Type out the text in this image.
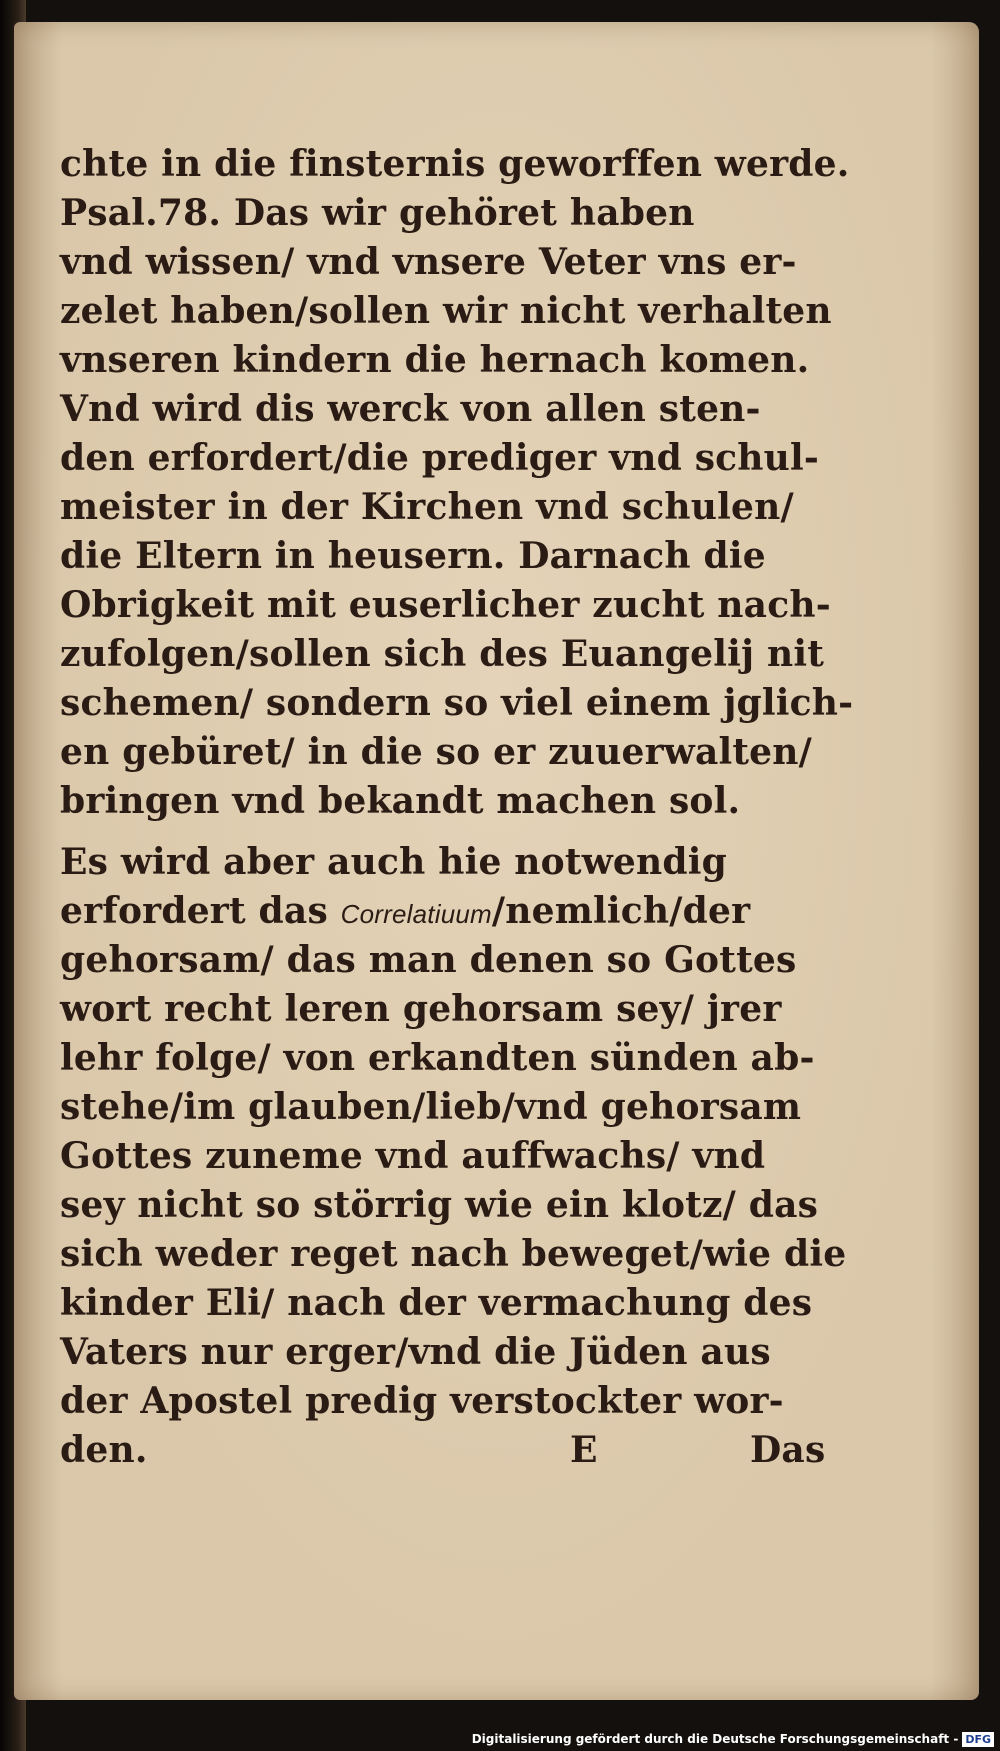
chte in die finsternis geworffen werde.
Psal.78. Das wir gehöret haben
vnd wissen/ vnd vnsere Veter vns er-
zelet haben/sollen wir nicht verhalten
vnseren kindern die hernach komen.
Vnd wird dis werck von allen sten-
den erfordert/die prediger vnd schul-
meister in der Kirchen vnd schulen/
die Eltern in heusern. Darnach die
Obrigkeit mit euserlicher zucht nach-
zufolgen/sollen sich des Euangelij nit
schemen/ sondern so viel einem jglich-
en gebüret/ in die so er zuuerwalten/
bringen vnd bekandt machen sol.
Es wird aber auch hie notwendig
erfordert das Correlatiuum/nemlich/der
gehorsam/ das man denen so Gottes
wort recht leren gehorsam sey/ jrer
lehr folge/ von erkandten sünden ab-
stehe/im glauben/lieb/vnd gehorsam
Gottes zuneme vnd auffwachs/ vnd
sey nicht so störrig wie ein klotz/ das
sich weder reget nach beweget/wie die
kinder Eli/ nach der vermachung des
Vaters nur erger/vnd die Jüden aus
der Apostel predig verstockter wor-
den.	E	Das
Digitalisierung gefördert durch die Deutsche Forschungsgemeinschaft - DFG
